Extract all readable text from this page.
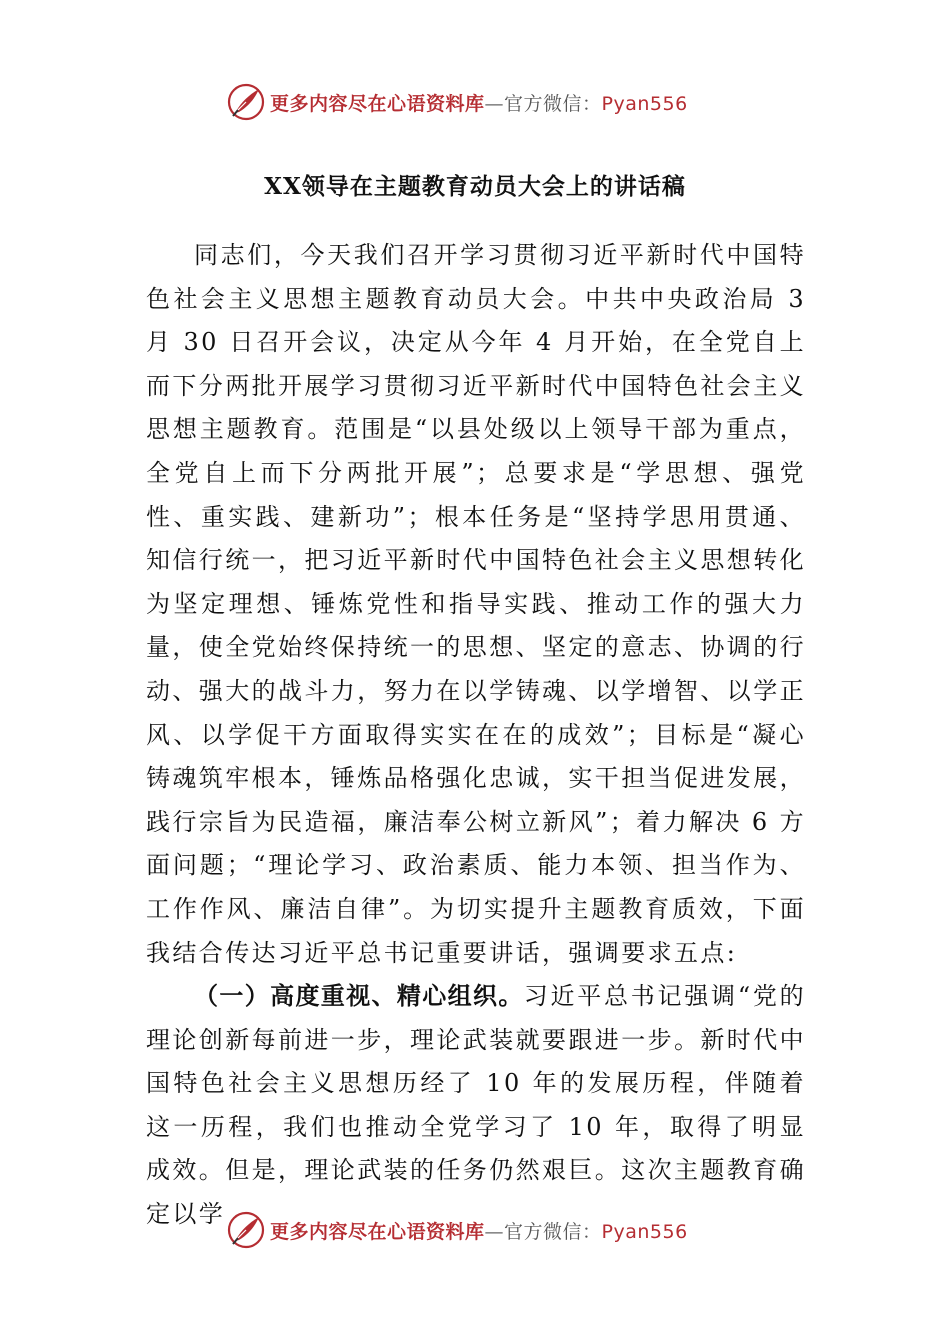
更多内容尽在心语资料库—官方微信：Pyan556
XX领导在主题教育动员大会上的讲话稿

同志们，今天我们召开学习贯彻习近平新时代中国特色社会主义思想主题教育动员大会。中共中央政治局 3 月 30 日召开会议，决定从今年 4 月开始，在全党自上而下分两批开展学习贯彻习近平新时代中国特色社会主义思想主题教育。范围是“以县处级以上领导干部为重点，全党自上而下分两批开展”；总要求是“学思想、强党性、重实践、建新功”；根本任务是“坚持学思用贯通、知信行统一，把习近平新时代中国特色社会主义思想转化为坚定理想、锤炼党性和指导实践、推动工作的强大力量，使全党始终保持统一的思想、坚定的意志、协调的行动、强大的战斗力，努力在以学铸魂、以学增智、以学正风、以学促干方面取得实实在在的成效”；目标是“凝心铸魂筑牢根本，锤炼品格强化忠诚，实干担当促进发展，践行宗旨为民造福，廉洁奉公树立新风”；着力解决 6 方面问题；“理论学习、政治素质、能力本领、担当作为、工作作风、廉洁自律”。为切实提升主题教育质效，下面我结合传达习近平总书记重要讲话，强调要求五点:

（一）高度重视、精心组织。习近平总书记强调“党的理论创新每前进一步，理论武装就要跟进一步。新时代中国特色社会主义思想历经了 10 年的发展历程，伴随着这一历程，我们也推动全党学习了 10 年，取得了明显成效。但是，理论武装的任务仍然艰巨。这次主题教育确定以学

更多内容尽在心语资料库—官方微信：Pyan556
